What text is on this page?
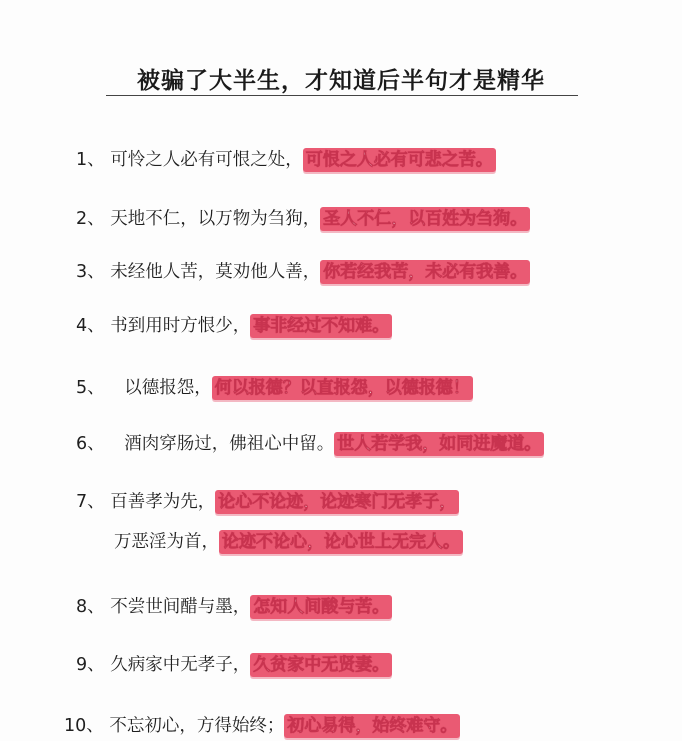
被骗了大半生，才知道后半句才是精华
1、 可怜之人必有可恨之处， 可恨之人必有可悲之苦。
2、 天地不仁，以万物为刍狗， 圣人不仁，以百姓为刍狗。
3、 未经他人苦，莫劝他人善， 你若经我苦，未必有我善。
4、 书到用时方恨少， 事非经过不知难。
5、 以德报怨， 何以报德？以直报怨，以德报德！
6、 酒肉穿肠过，佛祖心中留。 世人若学我，如同进魔道。
7、 百善孝为先， 论心不论迹，论迹寒门无孝子，
万恶淫为首， 论迹不论心，论心世上无完人。
8、 不尝世间醋与墨， 怎知人间酸与苦。
9、 久病家中无孝子， 久贫家中无贤妻。
10、 不忘初心，方得始终； 初心易得，始终难守。
